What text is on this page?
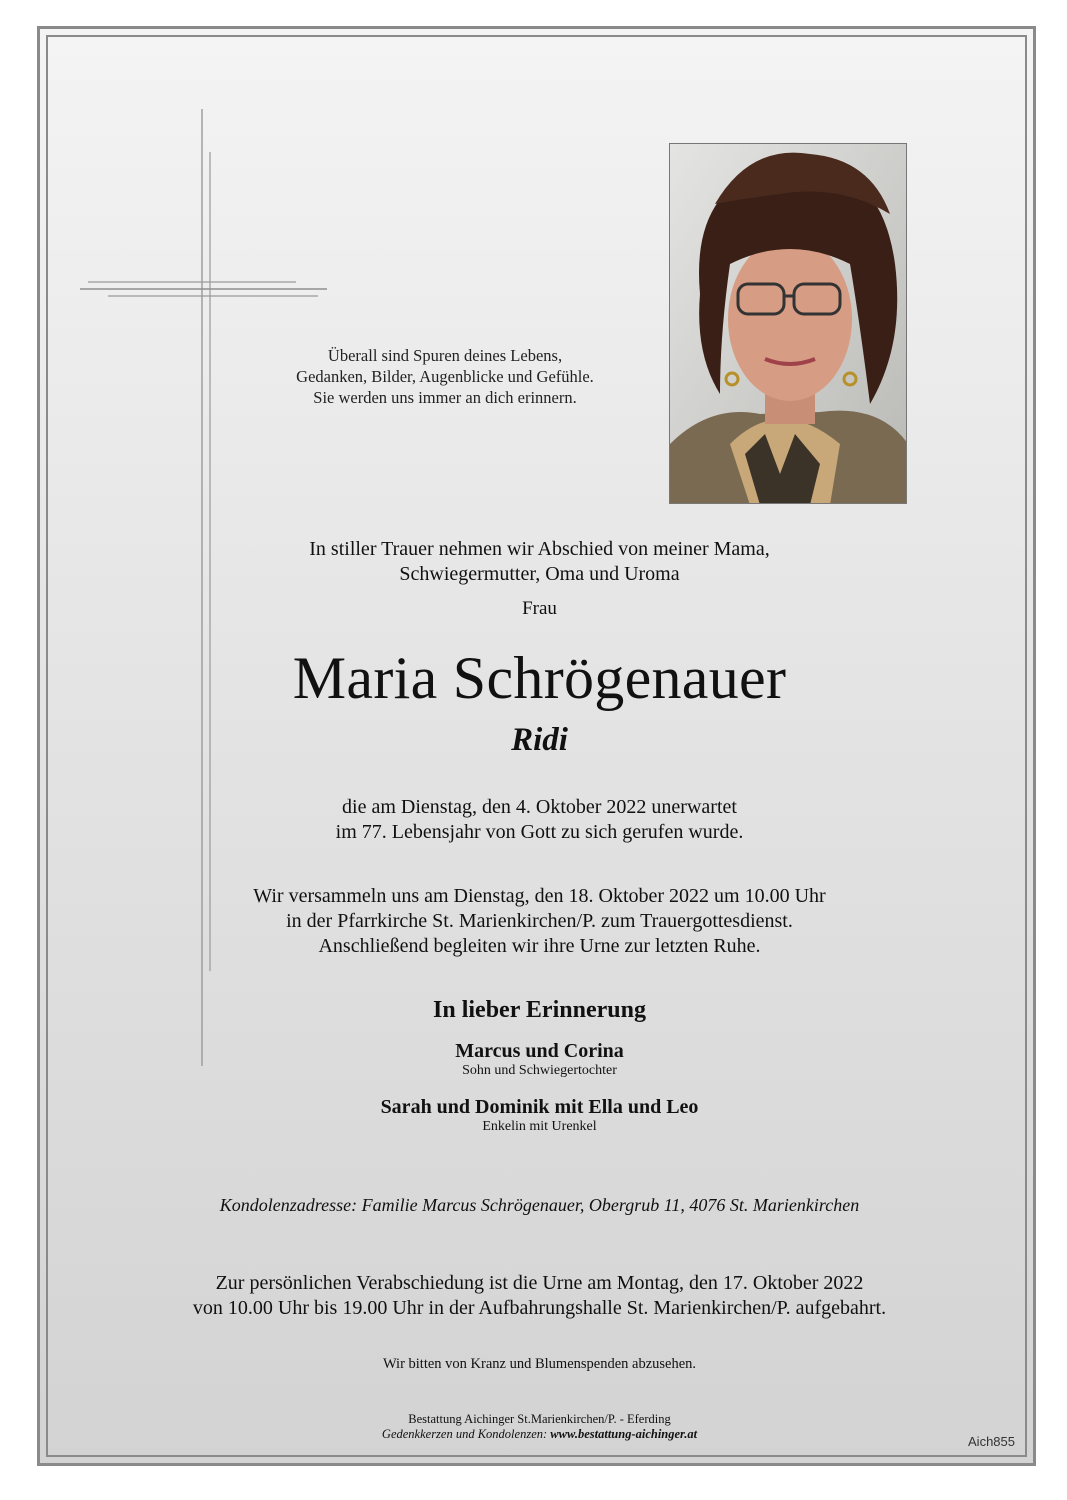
Überall sind Spuren deines Lebens,
Gedanken, Bilder, Augenblicke und Gefühle.
Sie werden uns immer an dich erinnern.
In stiller Trauer nehmen wir Abschied von meiner Mama,
Schwiegermutter, Oma und Uroma
Frau
Maria Schrögenauer
Ridi
die am Dienstag, den 4. Oktober 2022 unerwartet
im 77. Lebensjahr von Gott zu sich gerufen wurde.
Wir versammeln uns am Dienstag, den 18. Oktober 2022 um 10.00 Uhr
in der Pfarrkirche St. Marienkirchen/P. zum Trauergottesdienst.
Anschließend begleiten wir ihre Urne zur letzten Ruhe.
In lieber Erinnerung
Marcus und Corina
Sohn und Schwiegertochter
Sarah und Dominik mit Ella und Leo
Enkelin mit Urenkel
Kondolenzadresse: Familie Marcus Schrögenauer, Obergrub 11, 4076 St. Marienkirchen
Zur persönlichen Verabschiedung ist die Urne am Montag, den 17. Oktober 2022
von 10.00 Uhr bis 19.00 Uhr in der Aufbahrungshalle St. Marienkirchen/P. aufgebahrt.
Wir bitten von Kranz und Blumenspenden abzusehen.
Bestattung Aichinger St.Marienkirchen/P. - Eferding
Gedenkkerzen und Kondolenzen: www.bestattung-aichinger.at	Aich855
